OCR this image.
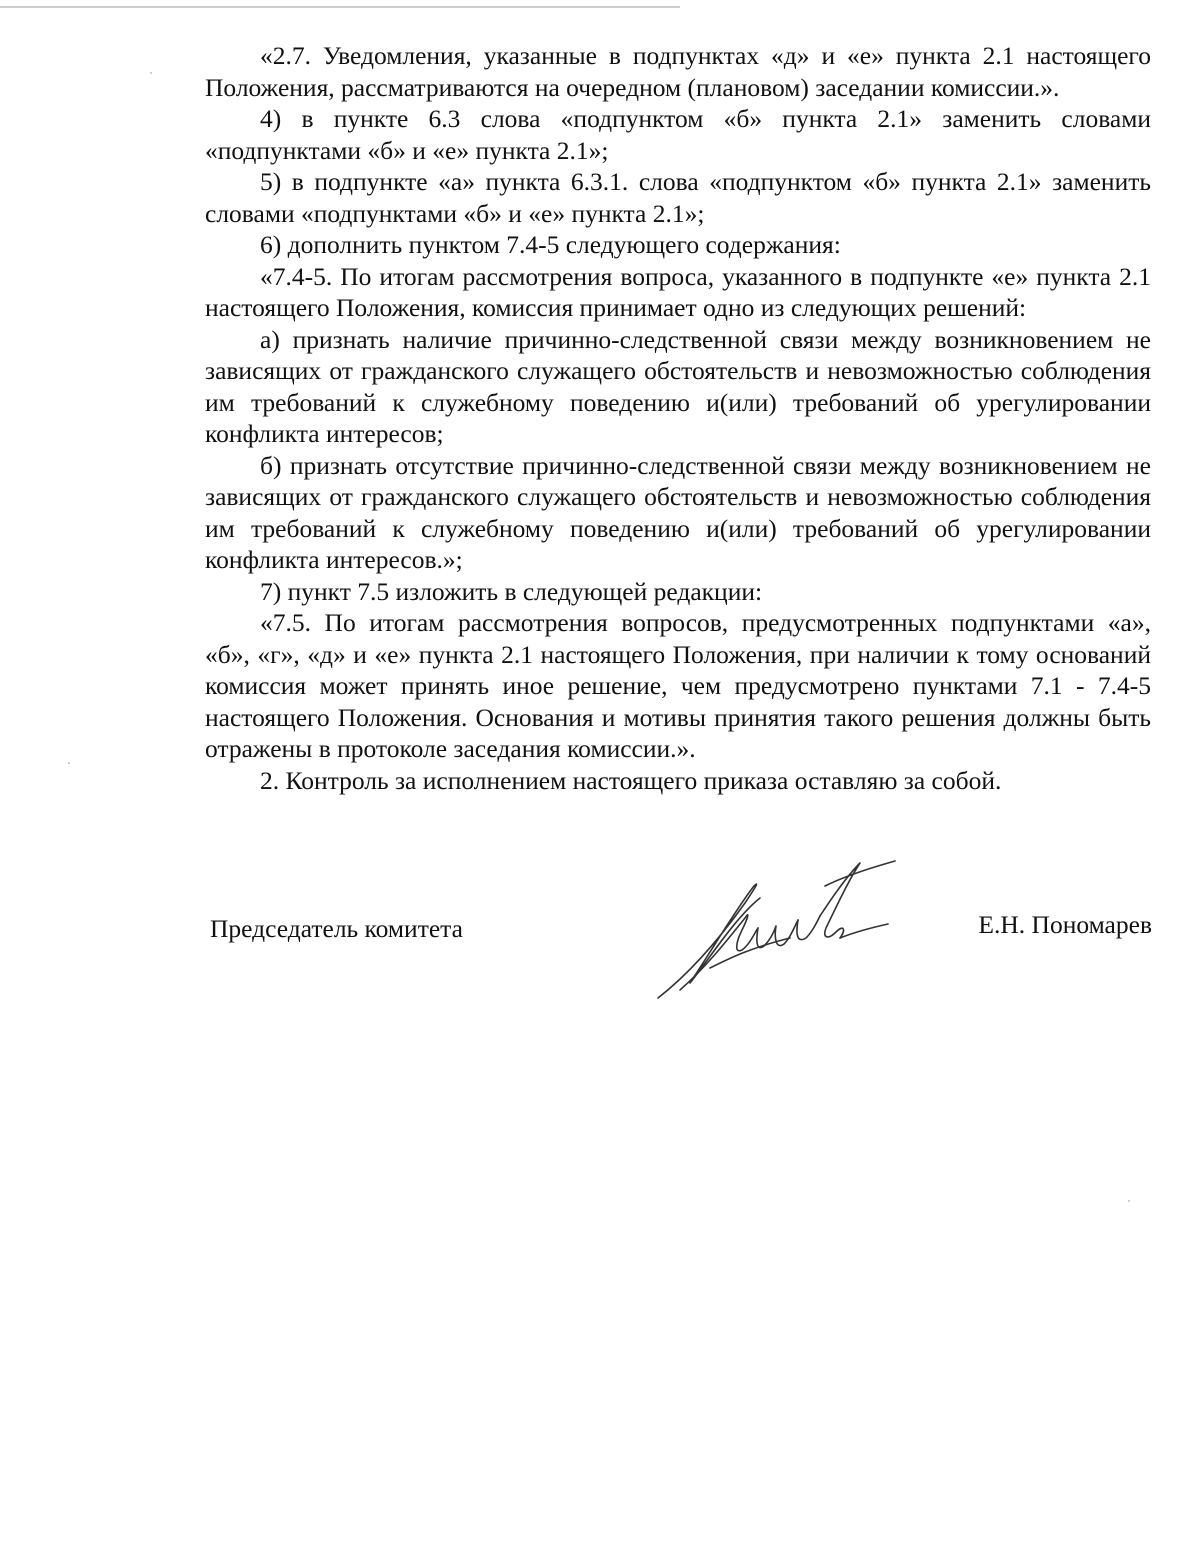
«2.7. Уведомления, указанные в подпунктах «д» и «е» пункта 2.1 настоящего Положения, рассматриваются на очередном (плановом) заседании комиссии.».

4) в пункте 6.3 слова «подпунктом «б» пункта 2.1» заменить словами «подпунктами «б» и «е» пункта 2.1»;

5) в подпункте «а» пункта 6.3.1. слова «подпунктом «б» пункта 2.1» заменить словами «подпунктами «б» и «е» пункта 2.1»;

6) дополнить пунктом 7.4-5 следующего содержания:

«7.4-5. По итогам рассмотрения вопроса, указанного в подпункте «е» пункта 2.1 настоящего Положения, комиссия принимает одно из следующих решений:

а) признать наличие причинно-следственной связи между возникновением не зависящих от гражданского служащего обстоятельств и невозможностью соблюдения им требований к служебному поведению и(или) требований об урегулировании конфликта интересов;

б) признать отсутствие причинно-следственной связи между возникновением не зависящих от гражданского служащего обстоятельств и невозможностью соблюдения им требований к служебному поведению и(или) требований об урегулировании конфликта интересов.»;

7) пункт 7.5 изложить в следующей редакции:

«7.5. По итогам рассмотрения вопросов, предусмотренных подпунктами «а», «б», «г», «д» и «е» пункта 2.1 настоящего Положения, при наличии к тому оснований комиссия может принять иное решение, чем предусмотрено пунктами 7.1 - 7.4-5 настоящего Положения. Основания и мотивы принятия такого решения должны быть отражены в протоколе заседания комиссии.».

2. Контроль за исполнением настоящего приказа оставляю за собой.

Председатель комитета	Е.Н. Пономарев
